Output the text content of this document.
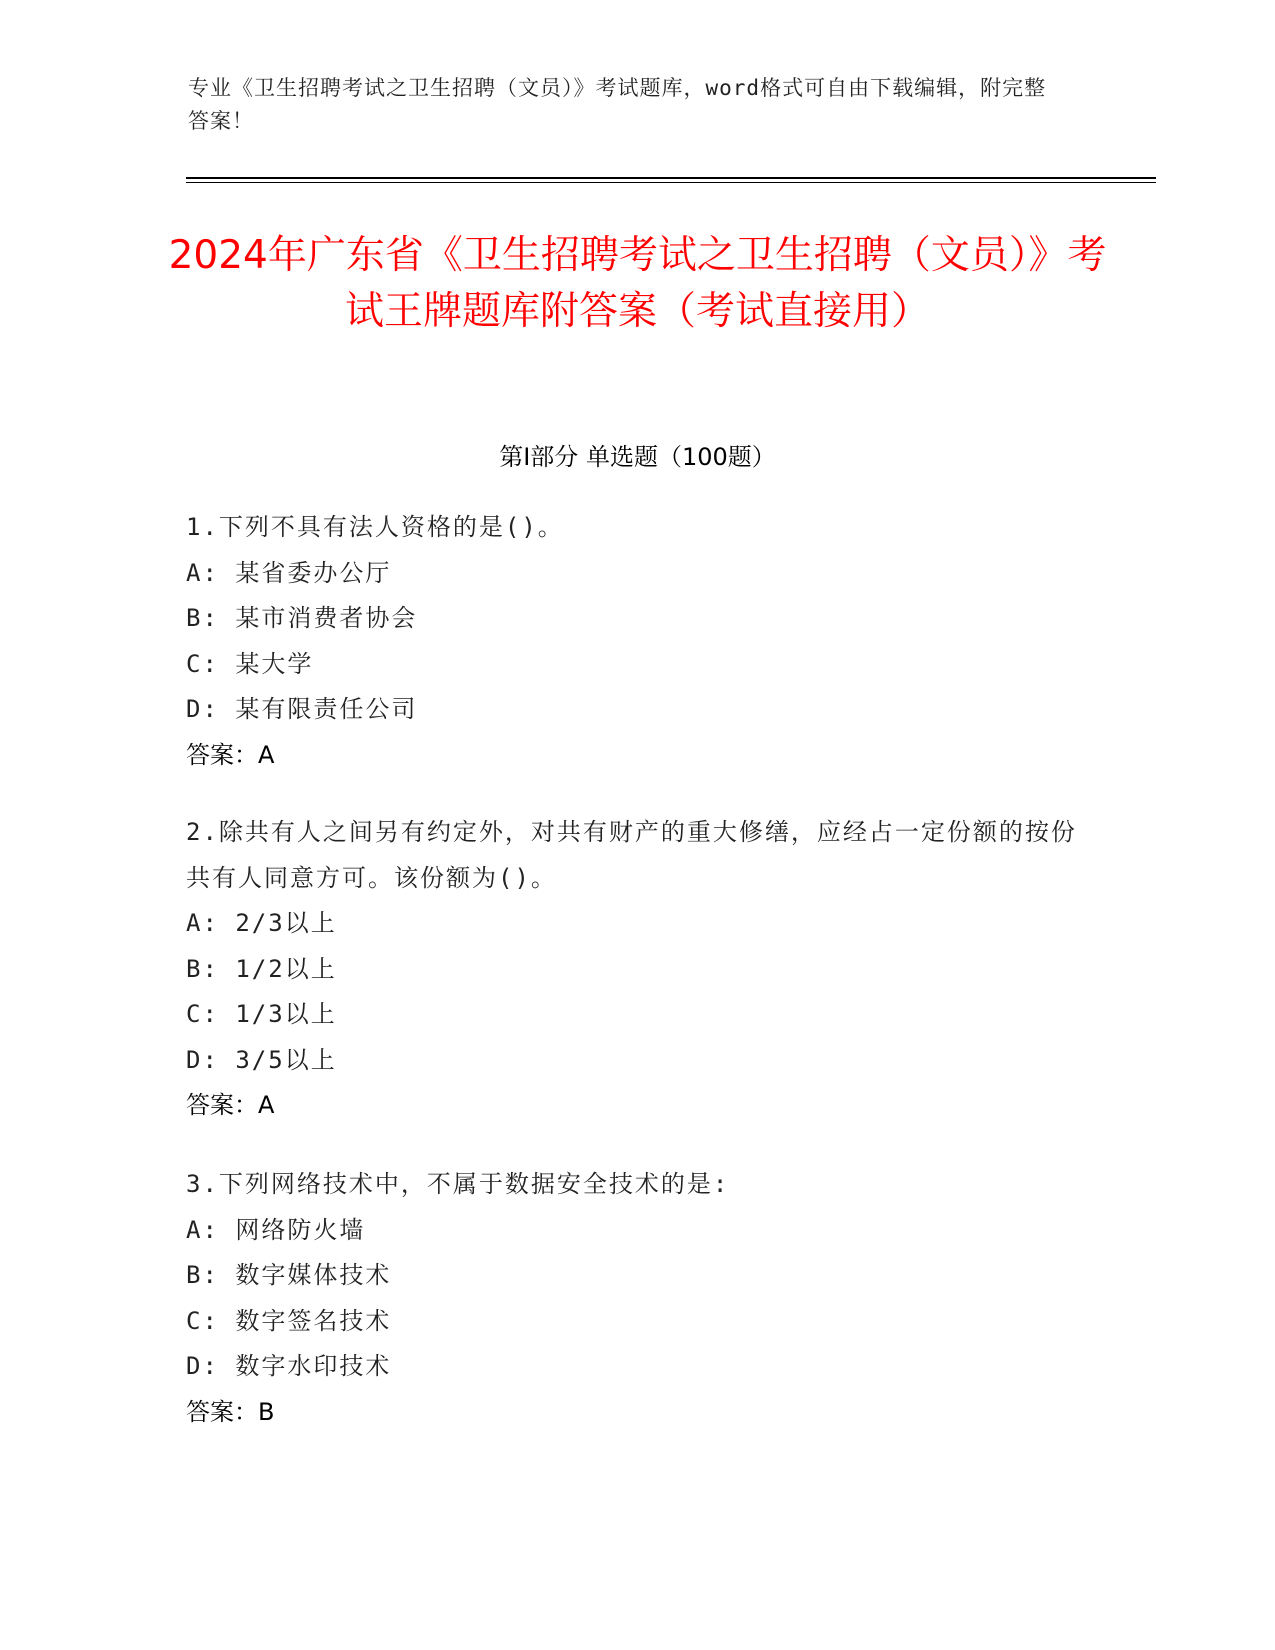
专业《卫生招聘考试之卫生招聘（文员）》考试题库，word格式可自由下载编辑，附完整答案！
2024年广东省《卫生招聘考试之卫生招聘（文员）》考试王牌题库附答案（考试直接用）
第I部分 单选题（100题）

1.下列不具有法人资格的是()。

A: 某省委办公厅

B: 某市消费者协会

C: 某大学

D: 某有限责任公司

答案：A

2.除共有人之间另有约定外，对共有财产的重大修缮，应经占一定份额的按份共有人同意方可。该份额为()。

A: 2/3以上

B: 1/2以上

C: 1/3以上

D: 3/5以上

答案：A

3.下列网络技术中，不属于数据安全技术的是:

A: 网络防火墙

B: 数字媒体技术

C: 数字签名技术

D: 数字水印技术

答案：B
